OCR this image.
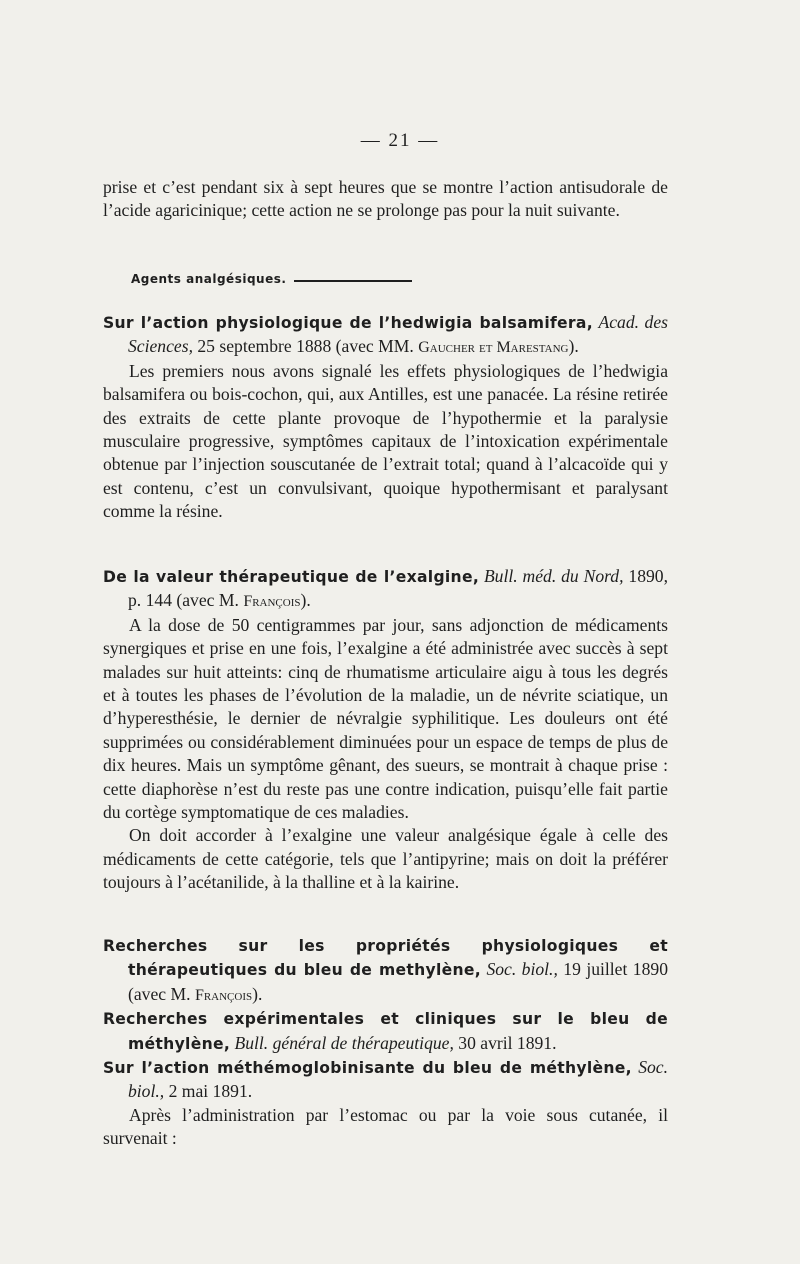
— 21 —

prise et c’est pendant six à sept heures que se montre l’action antisudorale de l’acide agaricinique; cette action ne se prolonge pas pour la nuit suivante.

Agents analgésiques.

Sur l’action physiologique de l’hedwigia balsamifera, Acad. des Sciences, 25 septembre 1888 (avec MM. Gaucher et Marestang).

Les premiers nous avons signalé les effets physiologiques de l’hedwigia balsamifera ou bois-cochon, qui, aux Antilles, est une panacée. La résine retirée des extraits de cette plante provoque de l’hypothermie et la paralysie musculaire progressive, symptômes capitaux de l’intoxication expérimentale obtenue par l’injection souscutanée de l’extrait total; quand à l’alcacoïde qui y est contenu, c’est un convulsivant, quoique hypothermisant et paralysant comme la résine.

De la valeur thérapeutique de l’exalgine, Bull. méd. du Nord, 1890, p. 144 (avec M. François).

A la dose de 50 centigrammes par jour, sans adjonction de médicaments synergiques et prise en une fois, l’exalgine a été administrée avec succès à sept malades sur huit atteints: cinq de rhumatisme articulaire aigu à tous les degrés et à toutes les phases de l’évolution de la maladie, un de névrite sciatique, un d’hyperesthésie, le dernier de névralgie syphilitique. Les douleurs ont été supprimées ou considérablement diminuées pour un espace de temps de plus de dix heures. Mais un symptôme gênant, des sueurs, se montrait à chaque prise : cette diaphorèse n’est du reste pas une contre indication, puisqu’elle fait partie du cortège symptomatique de ces maladies.

On doit accorder à l’exalgine une valeur analgésique égale à celle des médicaments de cette catégorie, tels que l’antipyrine; mais on doit la préférer toujours à l’acétanilide, à la thalline et à la kairine.

Recherches sur les propriétés physiologiques et thérapeutiques du bleu de methylène, Soc. biol., 19 juillet 1890 (avec M. François).

Recherches expérimentales et cliniques sur le bleu de méthylène, Bull. général de thérapeutique, 30 avril 1891.

Sur l’action méthémoglobinisante du bleu de méthylène, Soc. biol., 2 mai 1891.

Après l’administration par l’estomac ou par la voie sous cutanée, il survenait :
